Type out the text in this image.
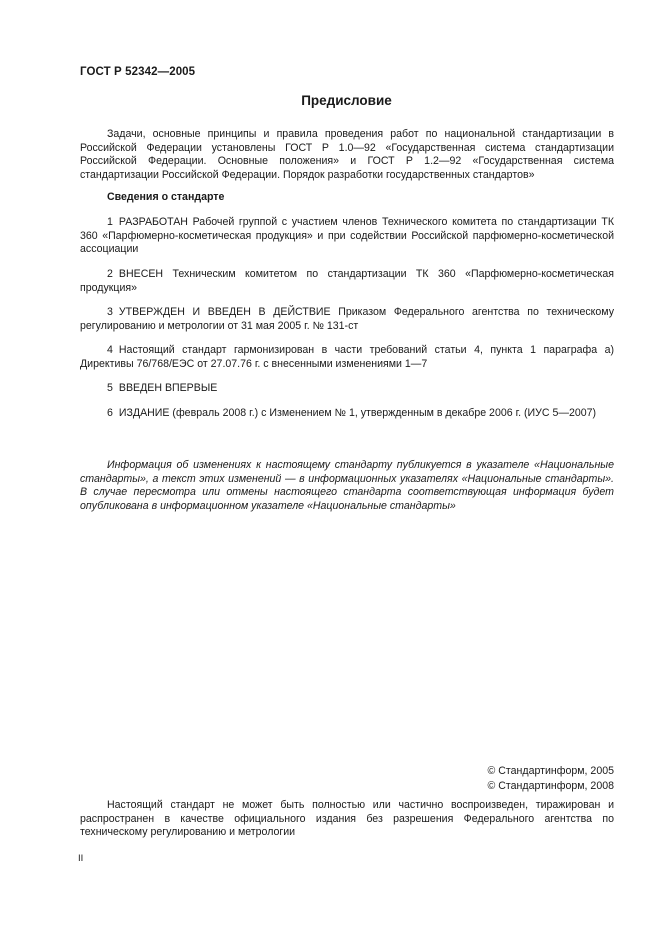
ГОСТ Р 52342—2005
Предисловие

Задачи, основные принципы и правила проведения работ по национальной стандартизации в Российской Федерации установлены ГОСТ Р 1.0—92 «Государственная система стандартизации Российской Федерации. Основные положения» и ГОСТ Р 1.2—92 «Государственная система стандартизации Российской Федерации. Порядок разработки государственных стандартов»

Сведения о стандарте

1 РАЗРАБОТАН Рабочей группой с участием членов Технического комитета по стандартизации ТК 360 «Парфюмерно-косметическая продукция» и при содействии Российской парфюмерно-косметической ассоциации

2 ВНЕСЕН Техническим комитетом по стандартизации ТК 360 «Парфюмерно-косметическая продукция»

3 УТВЕРЖДЕН И ВВЕДЕН В ДЕЙСТВИЕ Приказом Федерального агентства по техническому регулированию и метрологии от 31 мая 2005 г. № 131-ст

4 Настоящий стандарт гармонизирован в части требований статьи 4, пункта 1 параграфа а) Директивы 76/768/ЕЭС от 27.07.76 г. с внесенными изменениями 1—7

5 ВВЕДЕН ВПЕРВЫЕ

6 ИЗДАНИЕ (февраль 2008 г.) с Изменением № 1, утвержденным в декабре 2006 г. (ИУС 5—2007)

Информация об изменениях к настоящему стандарту публикуется в указателе «Национальные стандарты», а текст этих изменений — в информационных указателях «Национальные стандарты». В случае пересмотра или отмены настоящего стандарта соответствующая информация будет опубликована в информационном указателе «Национальные стандарты»

© Стандартинформ, 2005
© Стандартинформ, 2008

Настоящий стандарт не может быть полностью или частично воспроизведен, тиражирован и распространен в качестве официального издания без разрешения Федерального агентства по техническому регулированию и метрологии

II
